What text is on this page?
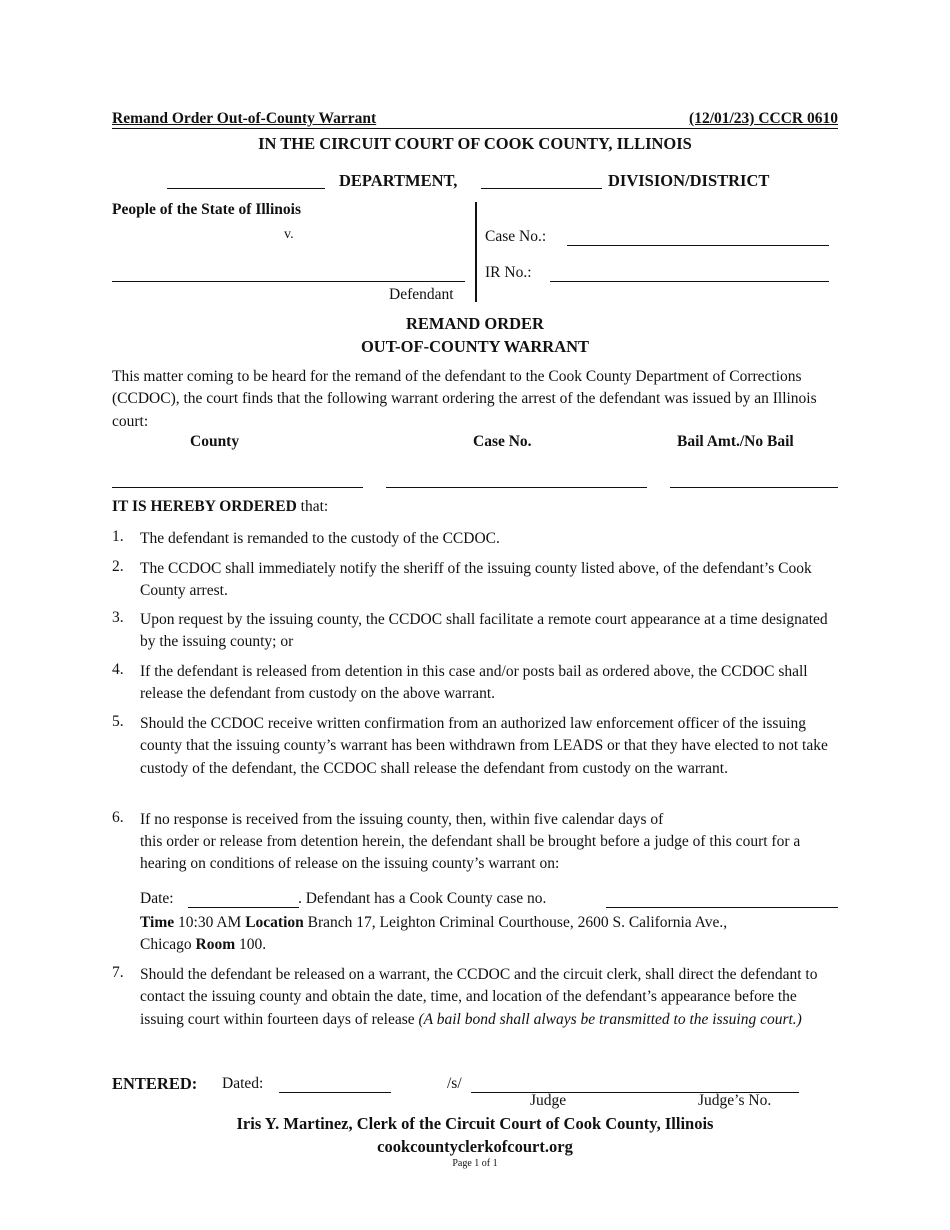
Remand Order Out-of-County Warrant	(12/01/23) CCCR 0610
IN THE CIRCUIT COURT OF COOK COUNTY, ILLINOIS
DEPARTMENT,	DIVISION/DISTRICT
People of the State of Illinois
v.
Defendant
Case No.:
IR No.:
REMAND ORDER
OUT-OF-COUNTY WARRANT
This matter coming to be heard for the remand of the defendant to the Cook County Department of Corrections (CCDOC), the court finds that the following warrant ordering the arrest of the defendant was issued by an Illinois court:
County	Case No.	Bail Amt./No Bail
IT IS HEREBY ORDERED that:
1. The defendant is remanded to the custody of the CCDOC.
2. The CCDOC shall immediately notify the sheriff of the issuing county listed above, of the defendant’s Cook County arrest.
3. Upon request by the issuing county, the CCDOC shall facilitate a remote court appearance at a time designated by the issuing county; or
4. If the defendant is released from detention in this case and/or posts bail as ordered above, the CCDOC shall release the defendant from custody on the above warrant.
5. Should the CCDOC receive written confirmation from an authorized law enforcement officer of the issuing county that the issuing county’s warrant has been withdrawn from LEADS or that they have elected to not take custody of the defendant, the CCDOC shall release the defendant from custody on the warrant.
6. If no response is received from the issuing county, then, within five calendar days of
this order or release from detention herein, the defendant shall be brought before a judge of this court for a hearing on conditions of release on the issuing county’s warrant on:
Date:	. Defendant has a Cook County case no.
Time 10:30 AM Location Branch 17, Leighton Criminal Courthouse, 2600 S. California Ave.,
Chicago Room 100.
7. Should the defendant be released on a warrant, the CCDOC and the circuit clerk, shall direct the defendant to contact the issuing county and obtain the date, time, and location of the defendant’s appearance before the issuing court within fourteen days of release (A bail bond shall always be transmitted to the issuing court.)
ENTERED: Dated:	/s/
Judge	Judge’s No.
Iris Y. Martinez, Clerk of the Circuit Court of Cook County, Illinois
cookcountyclerkofcourt.org
Page 1 of 1
